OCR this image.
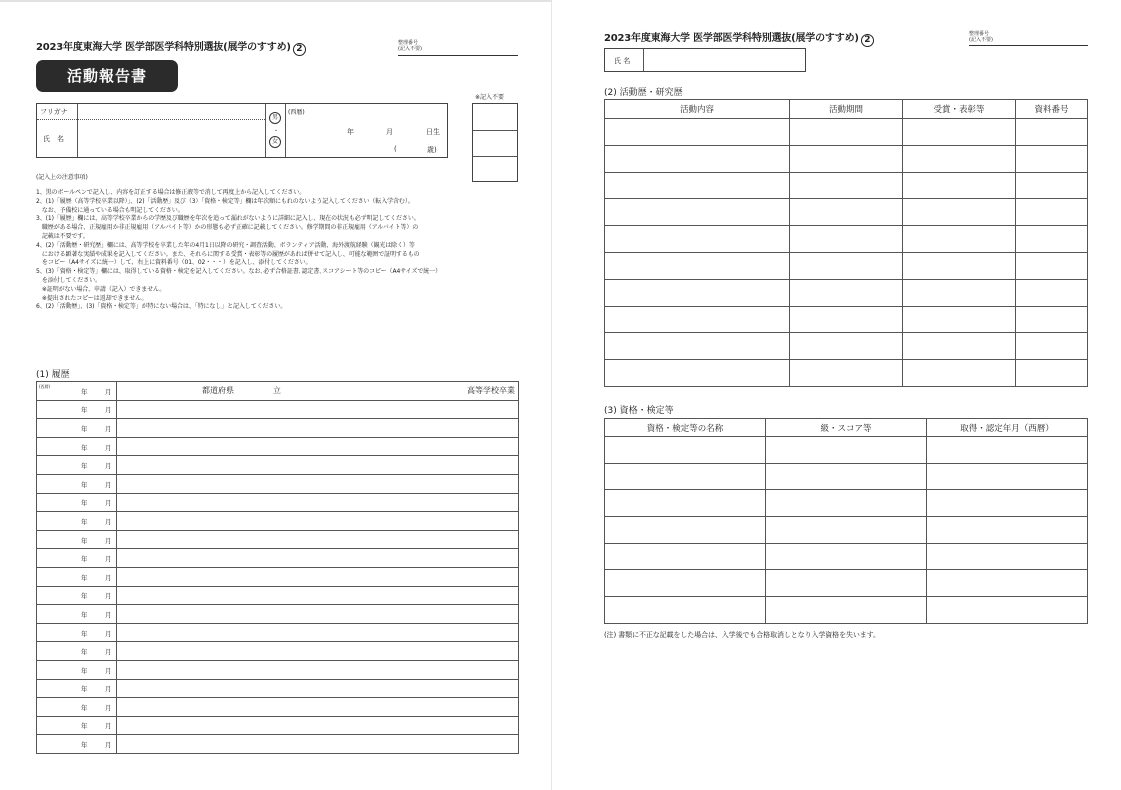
2023年度東海大学 医学部医学科特別選抜(展学のすすめ) 2
整理番号
(記入不要)
活動報告書
※記入不要
フリガナ
氏　名
男
・
女
(西暦)
年	月	日生
(	歳)
(記入上の注意事項)
1、黒のボールペンで記入し、内容を訂正する場合は修正液等で消して再度上から記入してください。
2、(1)「履歴（高等学校卒業以降）」、(2)「活動歴」及び（3）「資格・検定等」欄は年次順にもれのないよう記入してください（転入学含む）。
　なお、予備校に通っている場合も明記してください。
3、(1)「履歴」欄には、高等学校卒業からの学歴及び職歴を年次を追って漏れがないように詳細に記入し、現在の状況も必ず明記してください。
　職歴がある場合、正規雇用か非正規雇用（アルバイト等）かの形態も必ず正確に記載してください。修学期間の非正規雇用（アルバイト等）の
　記載は不要です。
4、(2)「活動歴・研究歴」欄には、高等学校を卒業した年の4月1日以降の研究・調査活動、ボランティア活動、海外渡航経験（観光は除く）等
　における顕著な実績や成果を記入してください。また、それらに関する受賞・表彰等の履歴があれば併せて記入し、可能な範囲で証明するもの
　をコピー（A4サイズに統一）して、右上に資料番号（01、02・・・）を記入し、添付してください。
5、(3)「資格・検定等」欄には、取得している資格・検定を記入してください。なお､必ず合格証書､認定書､スコアシート等のコピー（A4サイズで統一）
　を添付してください。
　※証明がない場合、申請（記入）できません。
　※提出されたコピーは返却できません。
6、(2)「活動歴」、(3)「資格・検定等」が特にない場合は、「特になし」と記入してください。
(1) 履歴
(西暦)
年 月	都道府県 立 高等学校卒業

年 月	

年 月	

年 月	

年 月	

年 月	

年 月	

年 月	

年 月	

年 月	

年 月	

年 月	

年 月	

年 月	

年 月	

年 月	

年 月	

年 月	

年 月	

年 月	

2023年度東海大学 医学部医学科特別選抜(展学のすすめ) 2
整理番号
(記入不要)
氏 名
(2) 活動歴・研究歴
活動内容	活動期間	受賞・表彰等	資料番号

(3) 資格・検定等
資格・検定等の名称	級・スコア等	取得・認定年月（西暦）

(注) 書類に不正な記載をした場合は、入学後でも合格取消しとなり入学資格を失います。
